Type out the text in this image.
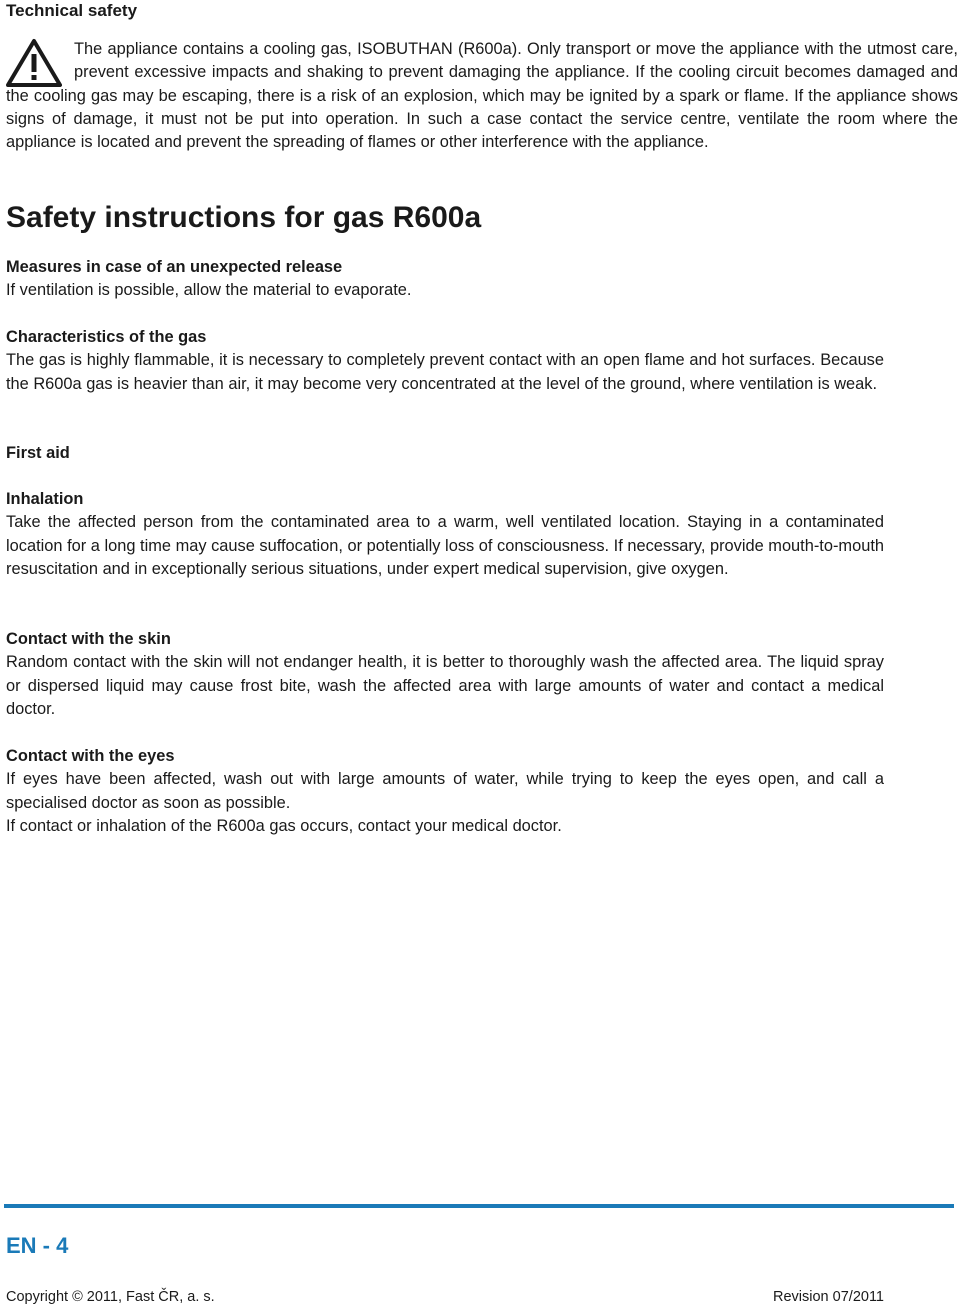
Technical safety

The appliance contains a cooling gas, ISOBUTHAN (R600a). Only transport or move the appliance with the utmost care, prevent excessive impacts and shaking to prevent damaging the appliance. If the cooling circuit becomes damaged and the cooling gas may be escaping, there is a risk of an explosion, which may be ignited by a spark or flame. If the appliance shows signs of damage, it must not be put into operation. In such a case contact the service centre, ventilate the room where the appliance is located and prevent the spreading of flames or other interference with the appliance.

Safety instructions for gas R600a

Measures in case of an unexpected release

If ventilation is possible, allow the material to evaporate.

Characteristics of the gas

The gas is highly flammable, it is necessary to completely prevent contact with an open flame and hot surfaces. Because the R600a gas is heavier than air, it may become very concentrated at the level of the ground, where ventilation is weak.

First aid

Inhalation

Take the affected person from the contaminated area to a warm, well ventilated location. Staying in a contaminated location for a long time may cause suffocation, or potentially loss of consciousness. If necessary, provide mouth-to-mouth resuscitation and in exceptionally serious situations, under expert medical supervision, give oxygen.

Contact with the skin

Random contact with the skin will not endanger health, it is better to thoroughly wash the affected area. The liquid spray or dispersed liquid may cause frost bite, wash the affected area with large amounts of water and contact a medical doctor.

Contact with the eyes

If eyes have been affected, wash out with large amounts of water, while trying to keep the eyes open, and call a specialised doctor as soon as possible.

If contact or inhalation of the R600a gas occurs, contact your medical doctor.

EN - 4
Copyright © 2011, Fast ČR, a. s.	Revision 07/2011
